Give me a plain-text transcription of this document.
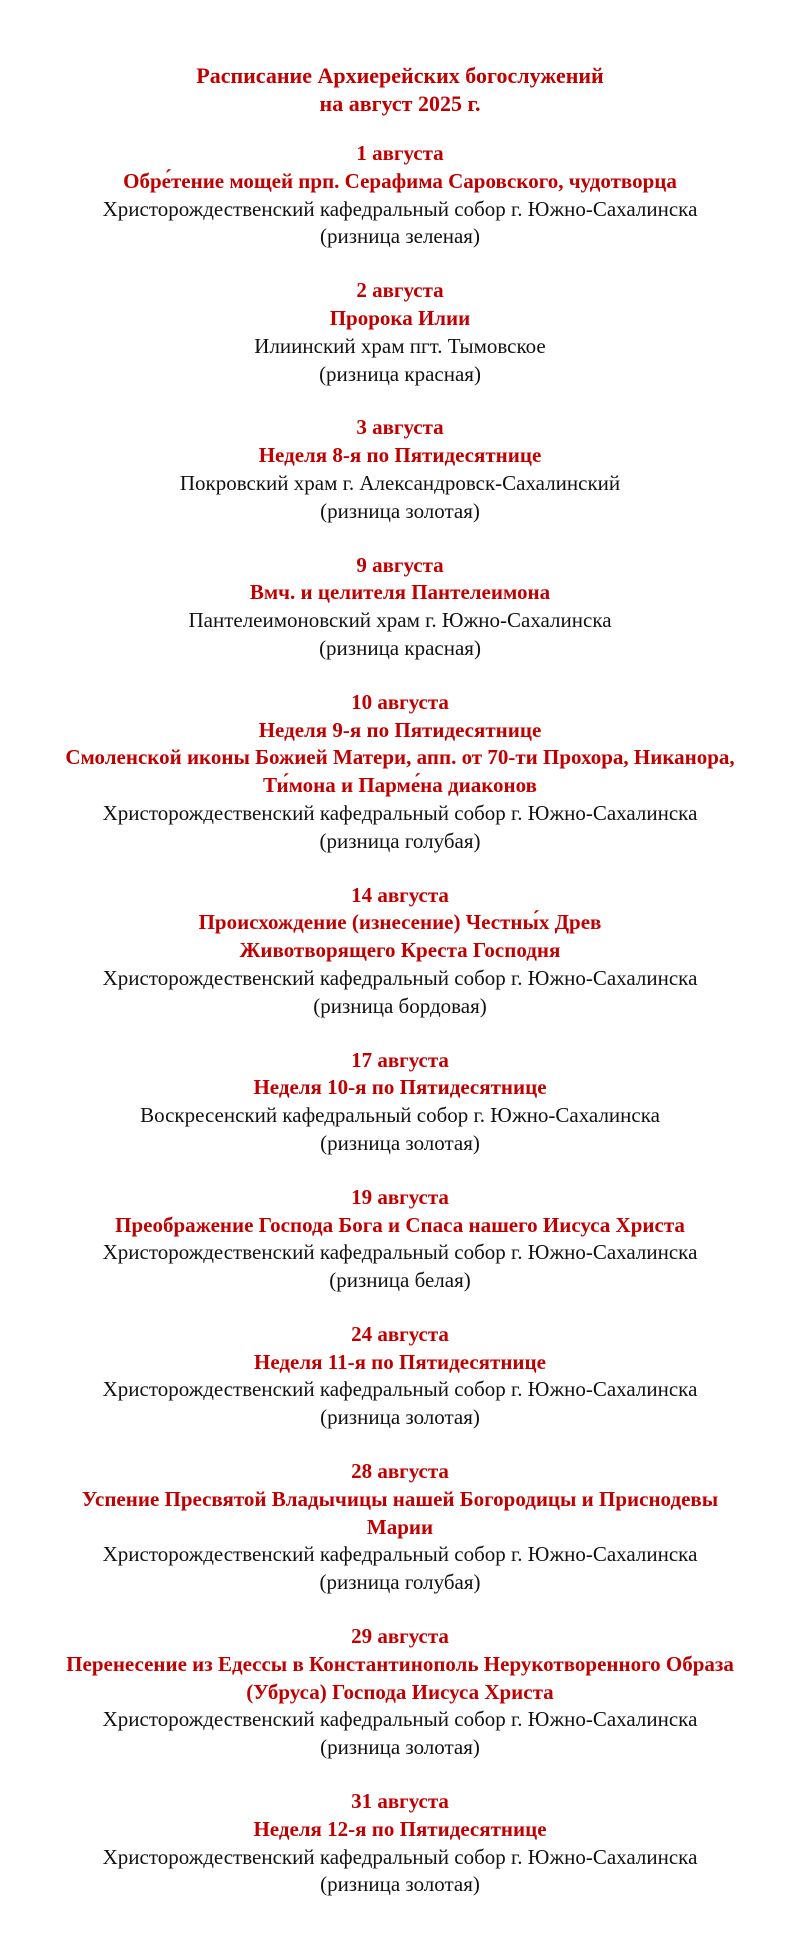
Расписание Архиерейских богослужений
на август 2025 г.
1 августа
Обре́тение мощей прп. Серафима Саровского, чудотворца
Христорождественский кафедральный собор г. Южно-Сахалинска
(ризница зеленая)
2 августа
Пророка Илии
Илиинский храм пгт. Тымовское
(ризница красная)
3 августа
Неделя 8-я по Пятидесятнице
Покровский храм г. Александровск-Сахалинский
(ризница золотая)
9 августа
Вмч. и целителя Пантелеимона
Пантелеимоновский храм г. Южно-Сахалинска
(ризница красная)
10 августа
Неделя 9-я по Пятидесятнице
Смоленской иконы Божией Матери, апп. от 70-ти Прохора, Никанора,
Ти́мона и Парме́на диаконов
Христорождественский кафедральный собор г. Южно-Сахалинска
(ризница голубая)
14 августа
Происхождение (изнесение) Честны́х Древ
Животворящего Креста Господня
Христорождественский кафедральный собор г. Южно-Сахалинска
(ризница бордовая)
17 августа
Неделя 10-я по Пятидесятнице
Воскресенский кафедральный собор г. Южно-Сахалинска
(ризница золотая)
19 августа
Преображение Господа Бога и Спаса нашего Иисуса Христа
Христорождественский кафедральный собор г. Южно-Сахалинска
(ризница белая)
24 августа
Неделя 11-я по Пятидесятнице
Христорождественский кафедральный собор г. Южно-Сахалинска
(ризница золотая)
28 августа
Успение Пресвятой Владычицы нашей Богородицы и Приснодевы
Марии
Христорождественский кафедральный собор г. Южно-Сахалинска
(ризница голубая)
29 августа
Перенесение из Едессы в Константинополь Нерукотворенного Образа
(Убруса) Господа Иисуса Христа
Христорождественский кафедральный собор г. Южно-Сахалинска
(ризница золотая)
31 августа
Неделя 12-я по Пятидесятнице
Христорождественский кафедральный собор г. Южно-Сахалинска
(ризница золотая)
